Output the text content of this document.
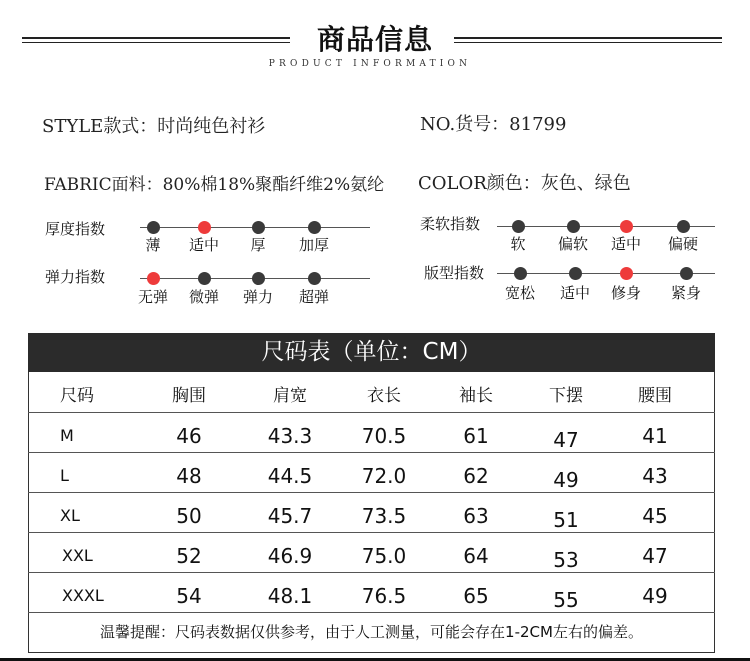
商品信息
PRODUCT INFORMATION
STYLE款式：时尚纯色衬衫	NO.货号：81799
FABRIC面料：80%棉18%聚酯纤维2%氨纶 COLOR颜色：灰色、绿色
厚度指数
薄 适中 厚 加厚
弹力指数
无弹 微弹 弹力 超弹
柔软指数
软 偏软 适中 偏硬
版型指数
宽松 适中 修身 紧身
尺码表（单位：CM）
尺码	胸围	肩宽	衣长	袖长	下摆	腰围
M	46	43.3 70.5	61	47	41
L	48	44.5 72.0	62	49	43
XL	50	45.7 73.5	63	51	45
XXL	52	46.9 75.0	64	53	47
XXXL	54	48.1 76.5	65	55	49
温馨提醒：尺码表数据仅供参考，由于人工测量，可能会存在1-2CM左右的偏差。
